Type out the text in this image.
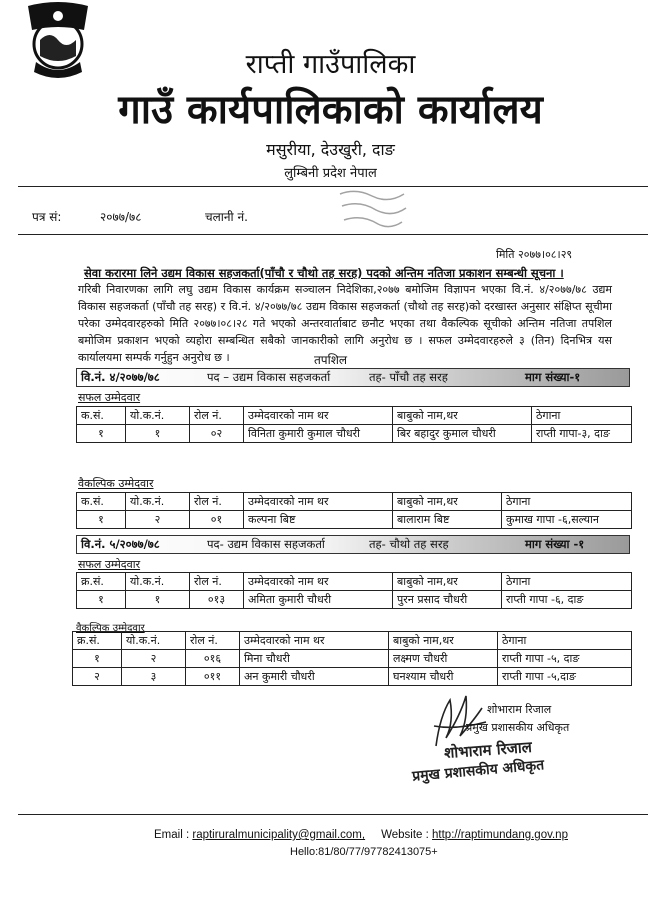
राप्ती गाउँपालिका
गाउँ कार्यपालिकाको कार्यालय
मसुरीया, देउखुरी, दाङ
लुम्बिनी प्रदेश नेपाल
पत्र सं:	२०७७/७८	चलानी नं.
मिति २०७७।०८।२९
सेवा करारमा लिने उद्यम विकास सहजकर्ता(पाँचौ र चौथो तह सरह) पदको अन्तिम नतिजा प्रकाशन सम्बन्धी सूचना ।
गरिबी निवारणका लागि लघु उद्यम विकास कार्यक्रम सञ्चालन निदेशिका,२०७७ बमोजिम विज्ञापन भएका वि.नं. ४/२०७७/७८ उद्यम विकास सहजकर्ता (पाँचौ तह सरह) र वि.नं. ४/२०७७/७८ उद्यम विकास सहजकर्ता (चौथो तह सरह)को दरखास्त अनुसार संक्षिप्त सूचीमा परेका उम्मेदवारहरुको मिति २०७७।०८।२८ गते भएको अन्तरवार्ताबाट छनौट भएका तथा वैकल्पिक सूचीको अन्तिम नतिजा तपशिल बमोजिम प्रकाशन भएको व्यहोरा सम्बन्धित सबैको जानकारीको लागि अनुरोध छ । सफल उम्मेदवारहरुले ३ (तिन) दिनभित्र यस कार्यालयमा सम्पर्क गर्नुहुन अनुरोध छ ।	तपशिल
वि.नं. ४/२०७७/७८	पद – उद्यम विकास सहजकर्ता	तह- पाँचौ तह सरह	माग संख्या-१
सफल उम्मेदवार
क.सं.	यो.क.नं.	रोल नं.	उम्मेदवारको नाम थर	बाबुको नाम,थर	ठेगाना
१	१	०२	विनिता कुमारी कुमाल चौधरी	बिर बहादुर कुमाल चौधरी	राप्ती गापा-३, दाङ
वैकल्पिक उम्मेदवार
क.सं.	यो.क.नं.	रोल नं.	उम्मेदवारको नाम थर	बाबुको नाम,थर	ठेगाना
१	२	०१	कल्पना बिष्ट	बालाराम बिष्ट	कुमाख गापा -६,सल्यान
वि.नं. ५/२०७७/७८	पद- उद्यम विकास सहजकर्ता	तह- चौथो तह सरह	माग संख्या -१
सफल उम्मेदवार
क्र.सं.	यो.क.नं.	रोल नं.	उम्मेदवारको नाम थर	बाबुको नाम,थर	ठेगाना
१	१	०१३	अमिता कुमारी चौधरी	पुरन प्रसाद चौधरी	राप्ती गापा -६, दाङ
वैकल्पिक उम्मेदवार
क्र.सं.	यो.क.नं.	रोल नं.	उम्मेदवारको नाम थर	बाबुको नाम,थर	ठेगाना
१	२	०१६	मिना चौधरी	लक्ष्मण चौधरी	राप्ती गापा -५, दाङ
२	३	०११	अन कुमारी चौधरी	घनश्याम चौधरी	राप्ती गापा -५,दाङ
शोभाराम रिजाल
प्रमुख प्रशासकीय अधिकृत
शोभाराम रिजाल
प्रमुख प्रशासकीय अधिकृत
Email : raptiruralmunicipality@gmail.com, Website : http://raptimundang.gov.np
Hello:81/80/77/97782413075+
